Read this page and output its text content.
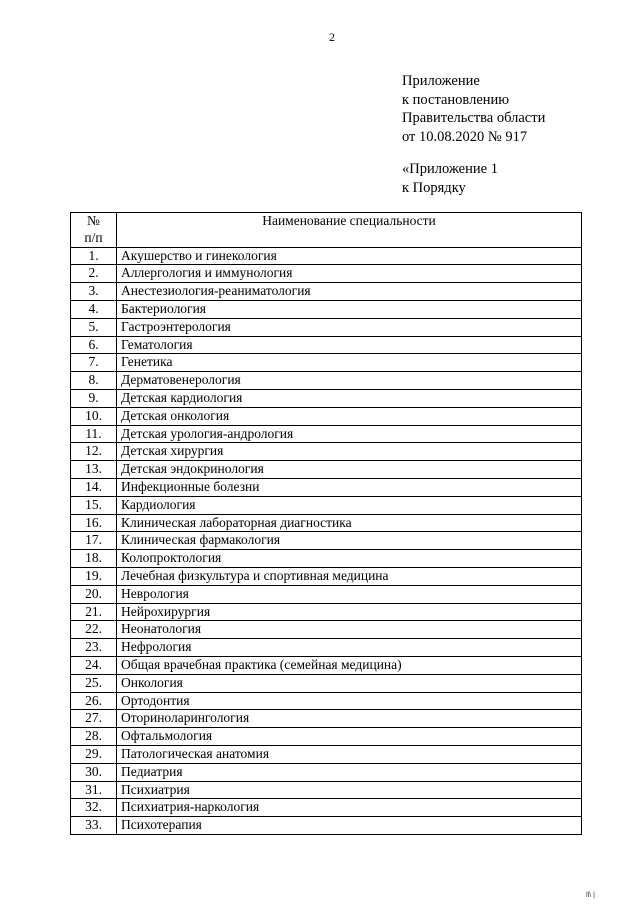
2
Приложение
к постановлению
Правительства области
от 10.08.2020 № 917
«Приложение 1
к Порядку
№
п/п	Наименование специальности
1.	Акушерство и гинекология
2.	Аллергология и иммунология
3.	Анестезиология-реаниматология
4.	Бактериология
5.	Гастроэнтерология
6.	Гематология
7.	Генетика
8.	Дерматовенерология
9.	Детская кардиология
10.	Детская онкология
11.	Детская урология-андрология
12.	Детская хирургия
13.	Детская эндокринология
14.	Инфекционные болезни
15.	Кардиология
16.	Клиническая лабораторная диагностика
17.	Клиническая фармакология
18.	Колопроктология
19.	Лечебная физкультура и спортивная медицина
20.	Неврология
21.	Нейрохирургия
22.	Неонатология
23.	Нефрология
24.	Общая врачебная практика (семейная медицина)
25.	Онкология
26.	Ортодонтия
27.	Оториноларингология
28.	Офтальмология
29.	Патологическая анатомия
30.	Педиатрия
31.	Психиатрия
32.	Психиатрия-наркология
33.	Психотерапия
ll\ |
